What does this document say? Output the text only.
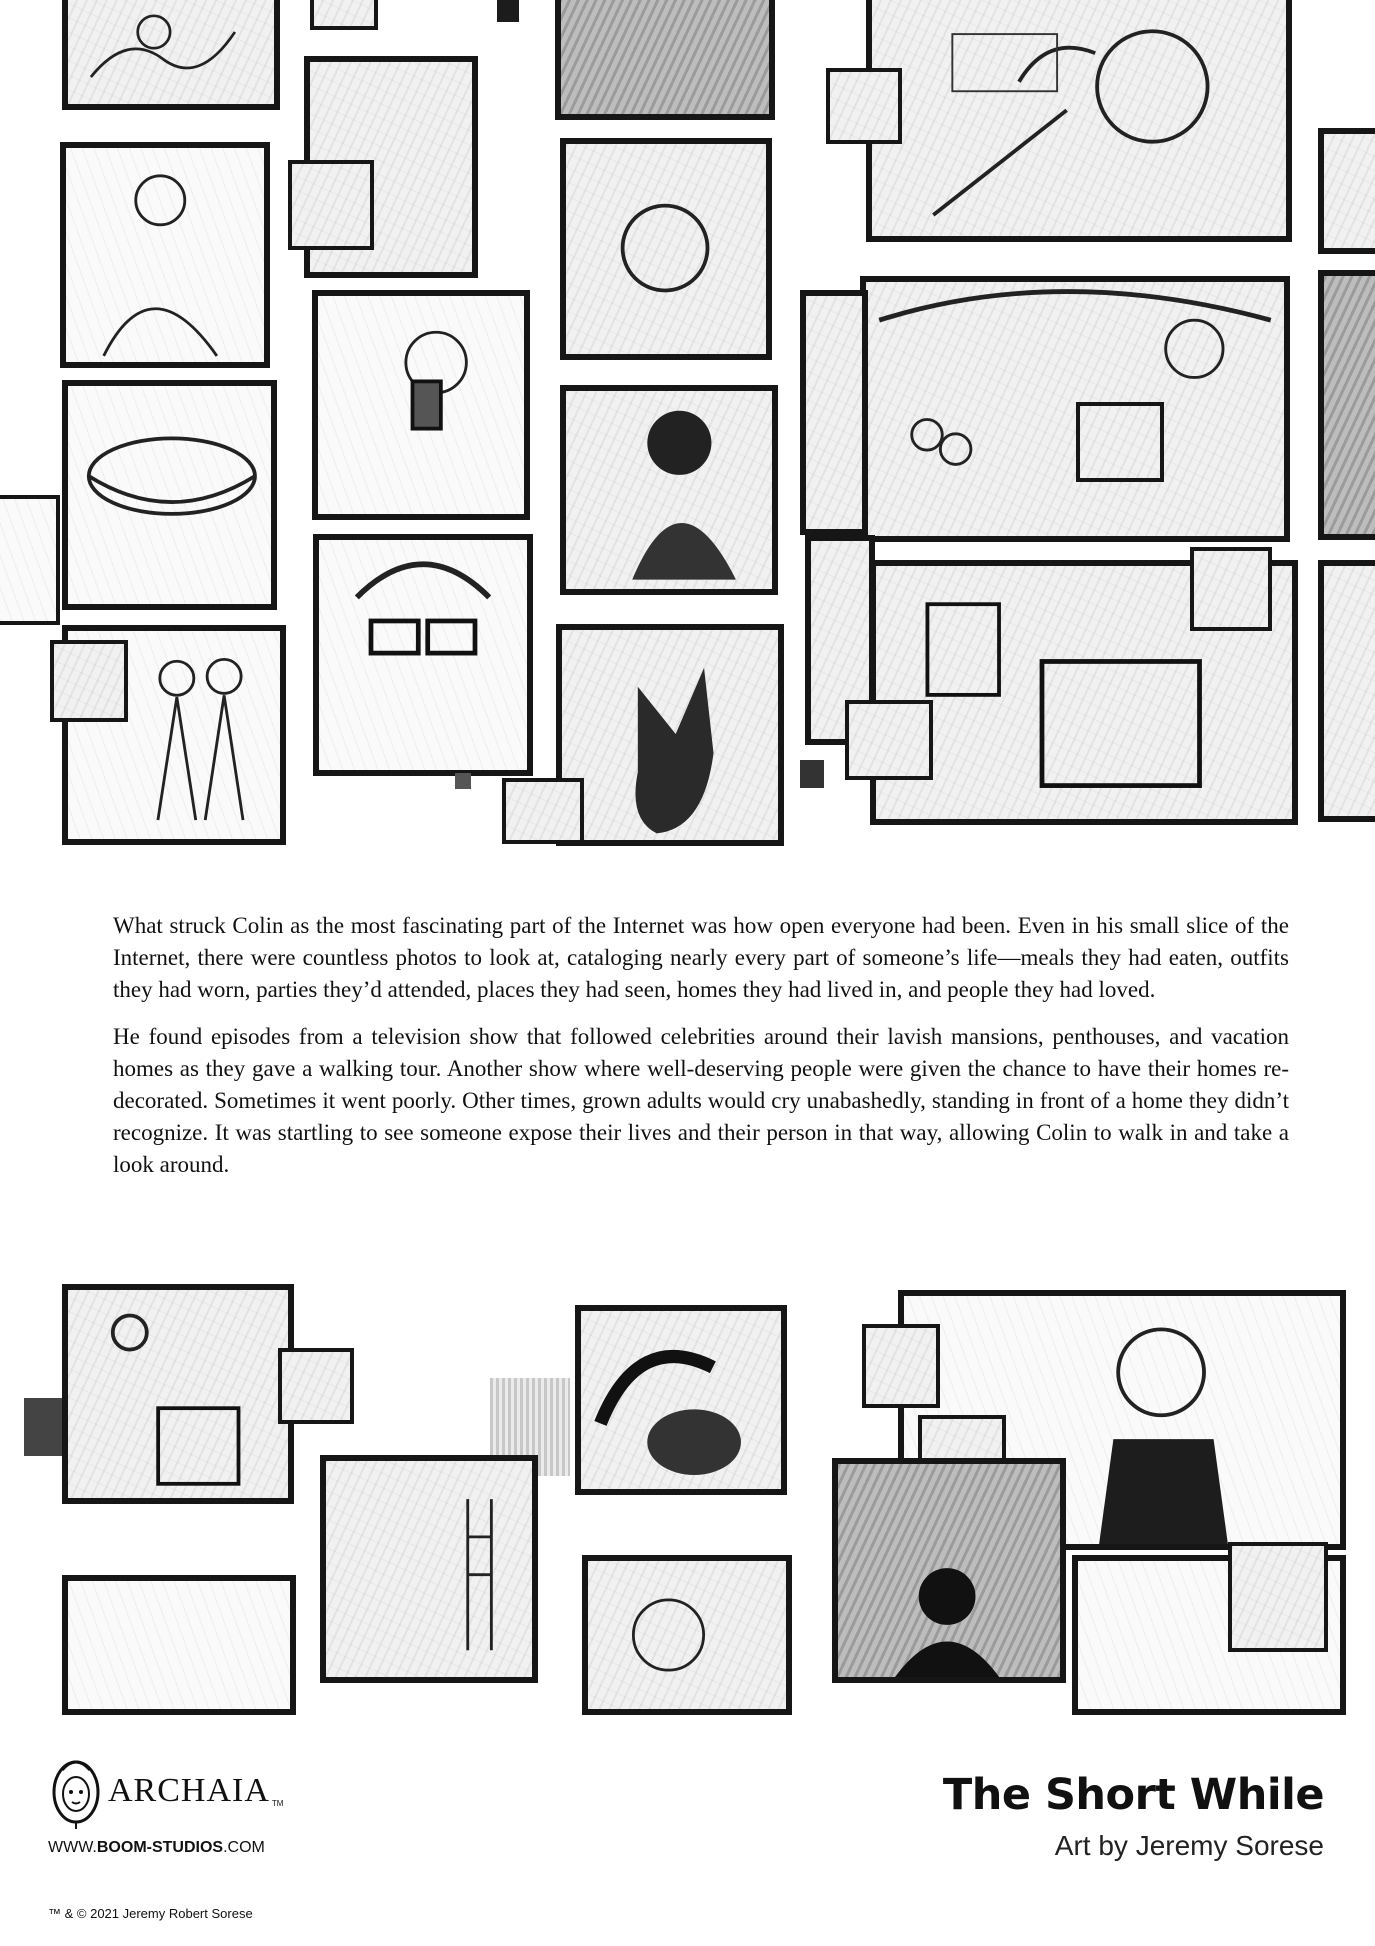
What struck Colin as the most fascinating part of the Internet was how open everyone had been. Even in his small slice of the Internet, there were countless photos to look at, cataloging nearly every part of someone’s life—meals they had eaten, outfits they had worn, parties they’d attended, places they had seen, homes they had lived in, and people they had loved.

He found episodes from a television show that followed celebrities around their lavish mansions, penthouses, and vacation homes as they gave a walking tour. Another show where well-deserving people were given the chance to have their homes re-decorated. Sometimes it went poorly. Other times, grown adults would cry unabashedly, standing in front of a home they didn’t recognize. It was startling to see someone expose their lives and their person in that way, allowing Colin to walk in and take a look around.

ARCHAIA TM
WWW.BOOM-STUDIOS.COM
The Short While
Art by Jeremy Sorese
™ & © 2021 Jeremy Robert Sorese
